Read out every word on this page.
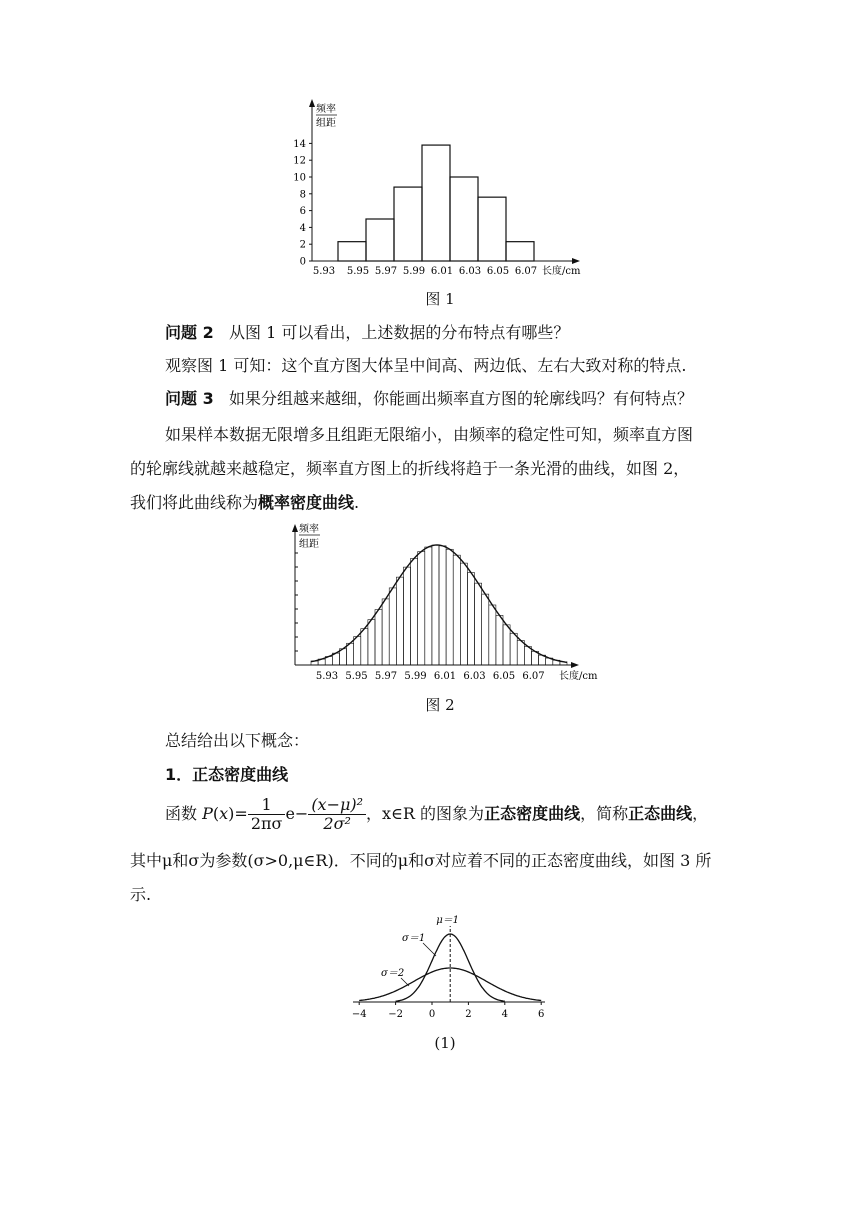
频率
组距
0
2
4
6
8
10
12
14
5.93 5.95 5.97 5.99 6.01 6.03 6.05 6.07 长度/cm
图 1
问题 2 从图 1 可以看出，上述数据的分布特点有哪些？
观察图 1 可知：这个直方图大体呈中间高、两边低、左右大致对称的特点.
问题 3 如果分组越来越细，你能画出频率直方图的轮廓线吗？有何特点？
如果样本数据无限增多且组距无限缩小，由频率的稳定性可知，频率直方图
的轮廓线就越来越稳定，频率直方图上的折线将趋于一条光滑的曲线，如图 2，
我们将此曲线称为概率密度曲线.
频率
组距
5.93 5.95 5.97 5.99 6.01 6.03 6.05 6.07 长度/cm
图 2
总结给出以下概念：
1．正态密度曲线
函数 $P(x)= \frac{1}{2\pi\sigma} e- \frac{\text{(x−μ)²}}{\text{2σ²}}$ ，x∈R 的图象为正态密度曲线，简称正态曲线，
其中μ和σ为参数(σ>0,μ∈R)．不同的μ和σ对应着不同的正态密度曲线，如图 3 所
示.
−4 −2	0	2	4	6
μ＝1
σ＝1
σ＝2
(1)
